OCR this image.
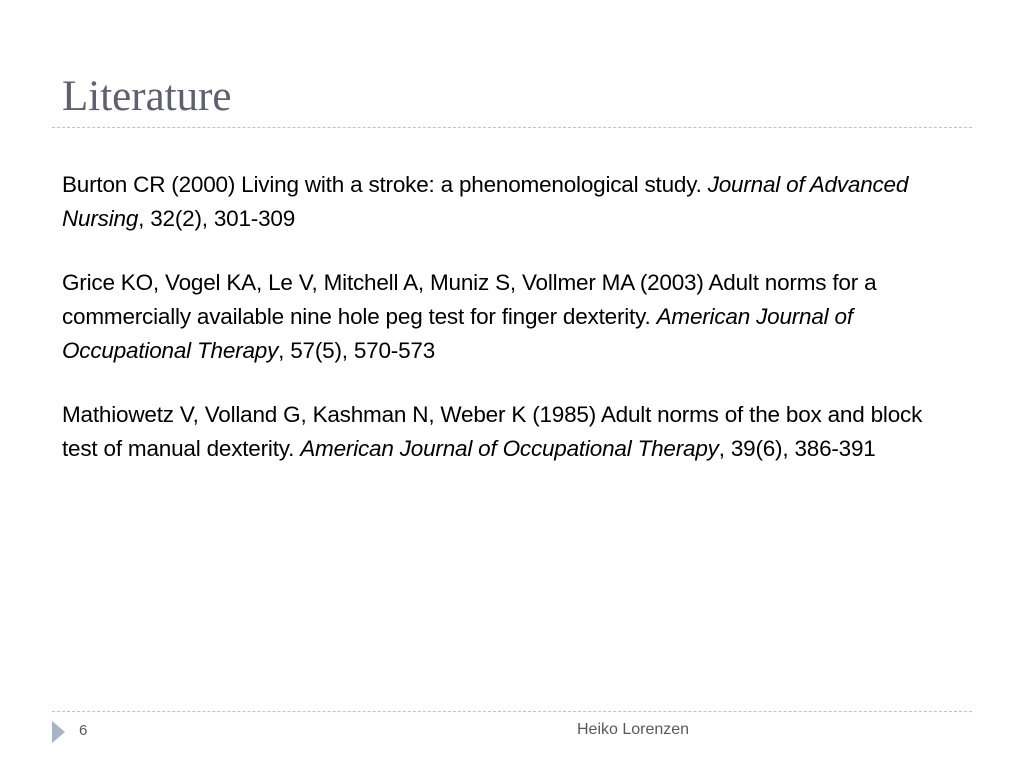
Literature
Burton CR (2000) Living with a stroke: a phenomenological study. Journal of Advanced Nursing, 32(2), 301-309
Grice KO, Vogel KA, Le V, Mitchell A, Muniz S, Vollmer MA (2003) Adult norms for a commercially available nine hole peg test for finger dexterity. American Journal of Occupational Therapy, 57(5), 570-573
Mathiowetz V, Volland G, Kashman N, Weber K (1985) Adult norms of the box and block test of manual dexterity. American Journal of Occupational Therapy, 39(6), 386-391
6	Heiko Lorenzen
